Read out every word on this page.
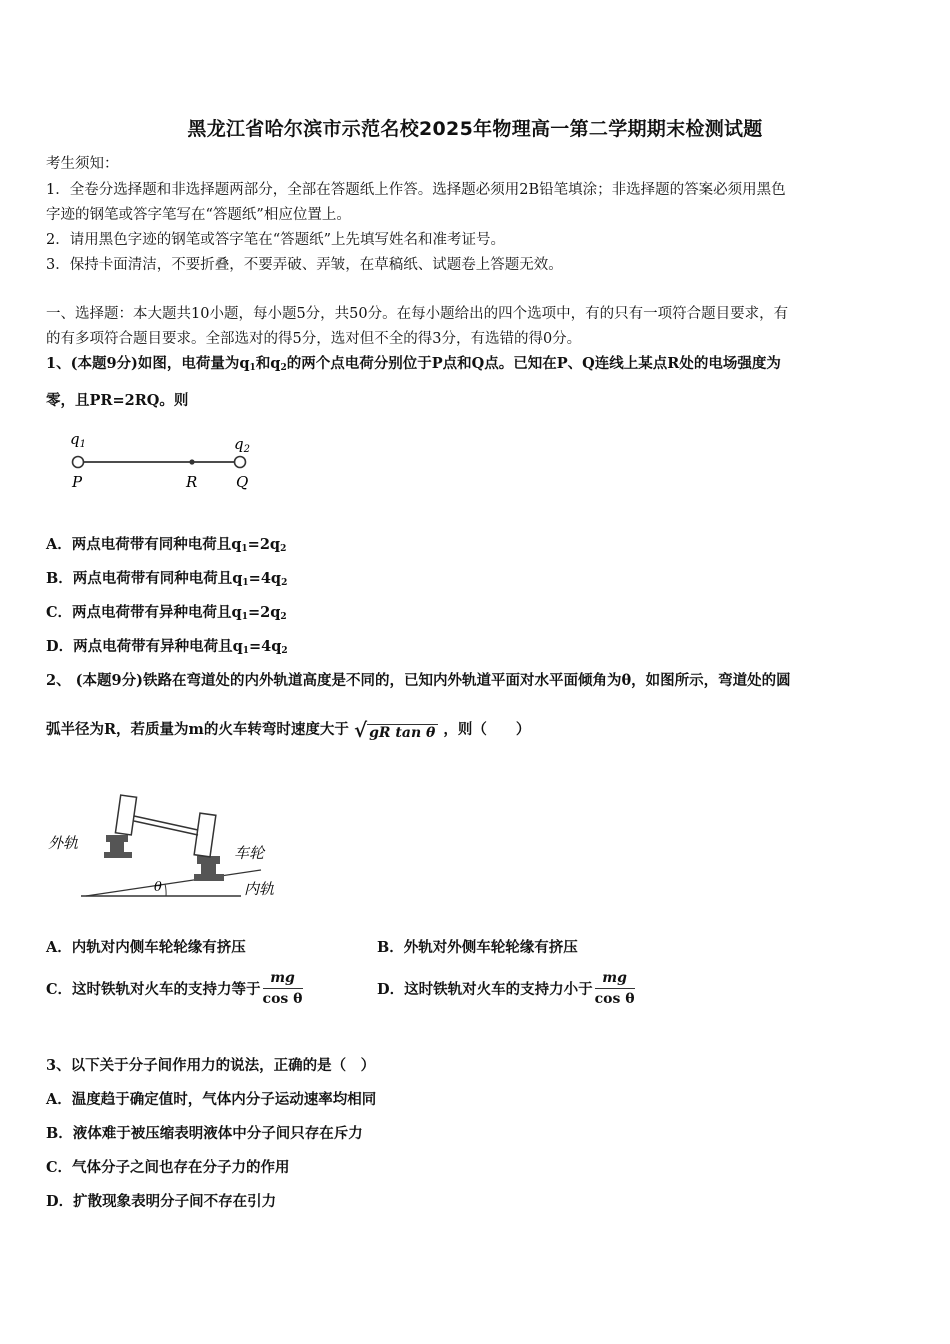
黑龙江省哈尔滨市示范名校2025年物理高一第二学期期末检测试题
考生须知：
1．全卷分选择题和非选择题两部分，全部在答题纸上作答。选择题必须用2B铅笔填涂；非选择题的答案必须用黑色
字迹的钢笔或答字笔写在“答题纸”相应位置上。
2．请用黑色字迹的钢笔或答字笔在“答题纸”上先填写姓名和准考证号。
3．保持卡面清洁，不要折叠，不要弄破、弄皱，在草稿纸、试题卷上答题无效。
一、选择题：本大题共10小题，每小题5分，共50分。在每小题给出的四个选项中，有的只有一项符合题目要求，有
的有多项符合题目要求。全部选对的得5分，选对但不全的得3分，有选错的得0分。
1、(本题9分)如图，电荷量为$q_1$和$q_2$的两个点电荷分别位于P点和Q点。已知在P、Q连线上某点R处的电场强度为
零，且PR=2RQ。则
$q_1$	$q_2$
P	R	Q
A．两点电荷带有同种电荷且$q_1=2q_2$
B．两点电荷带有同种电荷且$q_1=4q_2$
C．两点电荷带有异种电荷且$q_1=2q_2$
D．两点电荷带有异种电荷且$q_1=4q_2$
2、 (本题9分)铁路在弯道处的内外轨道高度是不同的，已知内外轨道平面对水平面倾角为θ，如图所示，弯道处的圆
弧半径为R，若质量为m的火车转弯时速度大于 √ gR tan θ ，则（　　）
外轨
车轮
内轨
θ
A．内轨对内侧车轮轮缘有挤压	B．外轨对外侧车轮轮缘有挤压
C．这时铁轨对火车的支持力等于 $\frac{mg}{\text{cos θ}}$	D．这时铁轨对火车的支持力小于 $\frac{mg}{\text{cos θ}}$
3、以下关于分子间作用力的说法，正确的是（　）
A．温度趋于确定值时，气体内分子运动速率均相同
B．液体难于被压缩表明液体中分子间只存在斥力
C．气体分子之间也存在分子力的作用
D．扩散现象表明分子间不存在引力
